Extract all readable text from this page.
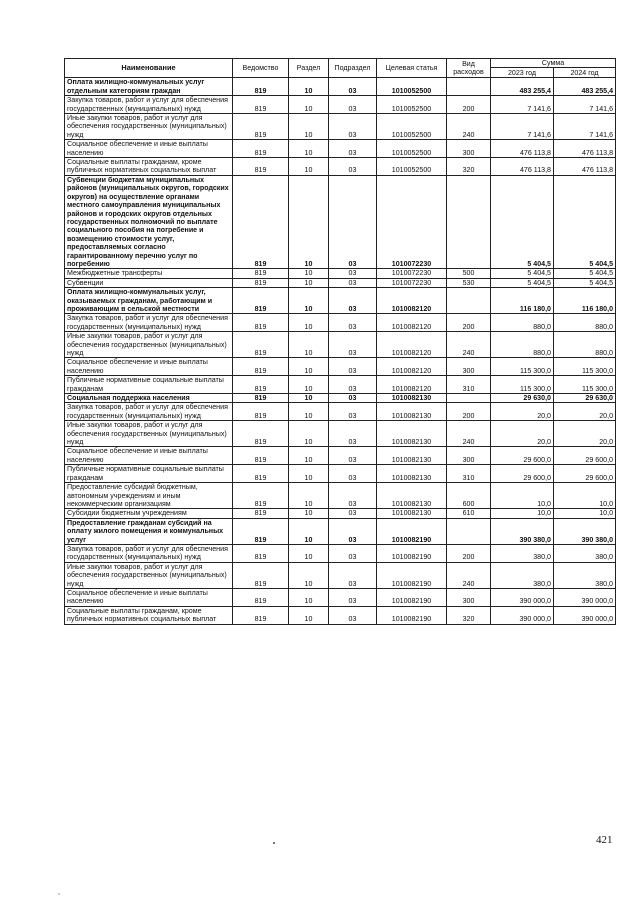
Наименование	Ведомство	Раздел	Подраздел	Целевая статья	Вид расходов	Сумма	
						2023 год	2024 год
Оплата жилищно-коммунальных услуг отдельным категориям граждан	819	10	03	1010052500		483 255,4	483 255,4
Закупка товаров, работ и услуг для обеспечения государственных (муниципальных) нужд	819	10	03	1010052500	200	7 141,6	7 141,6
Иные закупки товаров, работ и услуг для обеспечения государственных (муниципальных) нужд	819	10	03	1010052500	240	7 141,6	7 141,6
Социальное обеспечение и иные выплаты населению	819	10	03	1010052500	300	476 113,8	476 113,8
Социальные выплаты гражданам, кроме публичных нормативных социальных выплат	819	10	03	1010052500	320	476 113,8	476 113,8
Субвенции бюджетам муниципальных районов (муниципальных округов, городских округов) на осуществление органами местного самоуправления муниципальных районов и городских округов отдельных государственных полномочий по выплате социального пособия на погребение и возмещению стоимости услуг, предоставляемых согласно гарантированному перечню услуг по погребению	819	10	03	1010072230		5 404,5	5 404,5
Межбюджетные трансферты	819	10	03	1010072230	500	5 404,5	5 404,5
Субвенции	819	10	03	1010072230	530	5 404,5	5 404,5
Оплата жилищно-коммунальных услуг, оказываемых гражданам, работающим и проживающим в сельской местности	819	10	03	1010082120		116 180,0	116 180,0
Закупка товаров, работ и услуг для обеспечения государственных (муниципальных) нужд	819	10	03	1010082120	200	880,0	880,0
Иные закупки товаров, работ и услуг для обеспечения государственных (муниципальных) нужд	819	10	03	1010082120	240	880,0	880,0
Социальное обеспечение и иные выплаты населению	819	10	03	1010082120	300	115 300,0	115 300,0
Публичные нормативные социальные выплаты гражданам	819	10	03	1010082120	310	115 300,0	115 300,0
Социальная поддержка населения	819	10	03	1010082130		29 630,0	29 630,0
Закупка товаров, работ и услуг для обеспечения государственных (муниципальных) нужд	819	10	03	1010082130	200	20,0	20,0
Иные закупки товаров, работ и услуг для обеспечения государственных (муниципальных) нужд	819	10	03	1010082130	240	20,0	20,0
Социальное обеспечение и иные выплаты населению	819	10	03	1010082130	300	29 600,0	29 600,0
Публичные нормативные социальные выплаты гражданам	819	10	03	1010082130	310	29 600,0	29 600,0
Предоставление субсидий бюджетным, автономным учреждениям и иным некоммерческим организациям	819	10	03	1010082130	600	10,0	10,0
Субсидии бюджетным учреждениям	819	10	03	1010082130	610	10,0	10,0
Предоставление гражданам субсидий на оплату жилого помещения и коммунальных услуг	819	10	03	1010082190		390 380,0	390 380,0
Закупка товаров, работ и услуг для обеспечения государственных (муниципальных) нужд	819	10	03	1010082190	200	380,0	380,0
Иные закупки товаров, работ и услуг для обеспечения государственных (муниципальных) нужд	819	10	03	1010082190	240	380,0	380,0
Социальное обеспечение и иные выплаты населению	819	10	03	1010082190	300	390 000,0	390 000,0
Социальные выплаты гражданам, кроме публичных нормативных социальных выплат	819	10	03	1010082190	320	390 000,0	390 000,0
421
